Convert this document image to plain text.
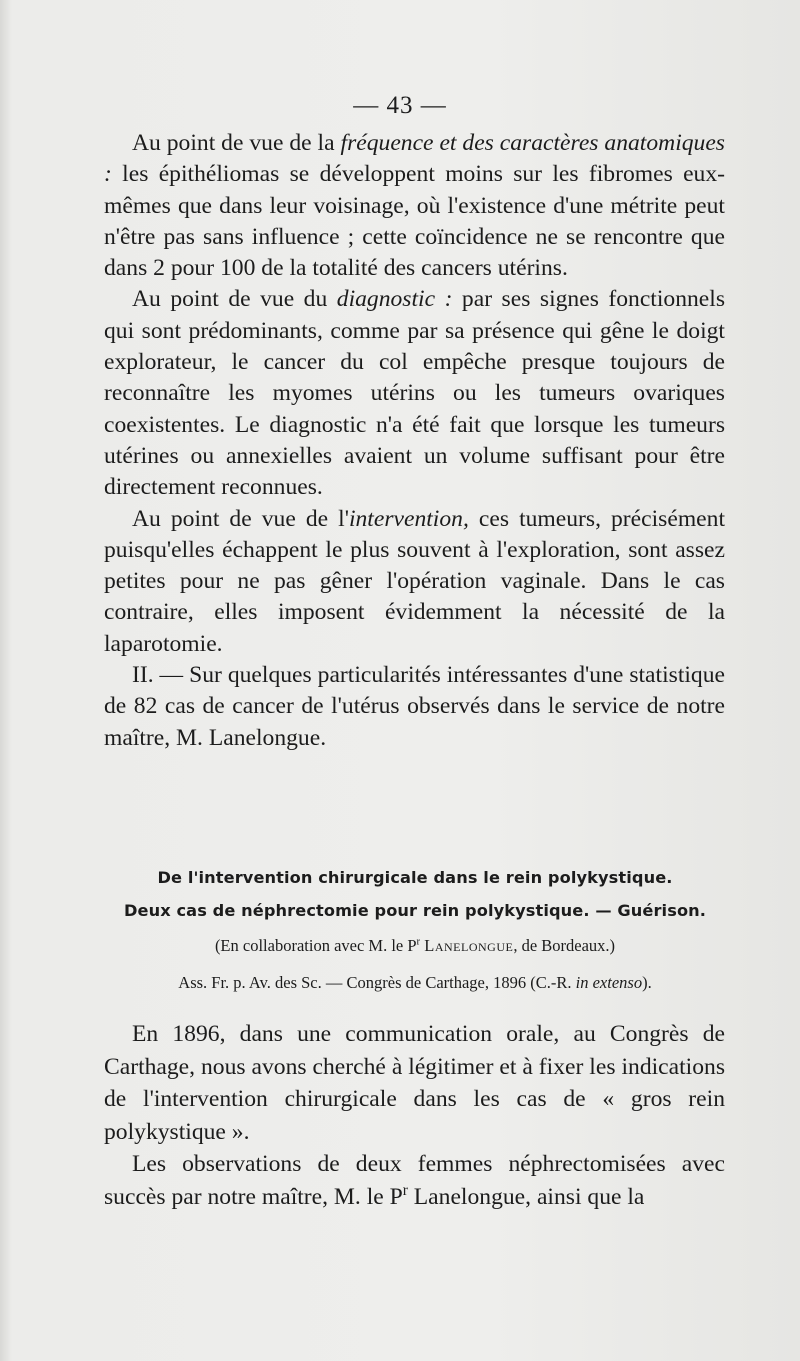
— 43 —

Au point de vue de la fréquence et des caractères anatomiques : les épithéliomas se développent moins sur les fibromes eux-mêmes que dans leur voisinage, où l'existence d'une métrite peut n'être pas sans influence ; cette coïncidence ne se rencontre que dans 2 pour 100 de la totalité des cancers utérins.

Au point de vue du diagnostic : par ses signes fonctionnels qui sont prédominants, comme par sa présence qui gêne le doigt explorateur, le cancer du col empêche presque toujours de reconnaître les myomes utérins ou les tumeurs ovariques coexistentes. Le diagnostic n'a été fait que lorsque les tumeurs utérines ou annexielles avaient un volume suffisant pour être directement reconnues.

Au point de vue de l'intervention, ces tumeurs, précisément puisqu'elles échappent le plus souvent à l'exploration, sont assez petites pour ne pas gêner l'opération vaginale. Dans le cas contraire, elles imposent évidemment la nécessité de la laparotomie.

II. — Sur quelques particularités intéressantes d'une statistique de 82 cas de cancer de l'utérus observés dans le service de notre maître, M. Lanelongue.

De l'intervention chirurgicale dans le rein polykystique.
Deux cas de néphrectomie pour rein polykystique. — Guérison.
(En collaboration avec M. le $P^r$ Lanelongue, de Bordeaux.)
Ass. Fr. p. Av. des Sc. — Congrès de Carthage, 1896 (C.-R. in extenso).

En 1896, dans une communication orale, au Congrès de Carthage, nous avons cherché à légitimer et à fixer les indications de l'intervention chirurgicale dans les cas de « gros rein polykystique ».

Les observations de deux femmes néphrectomisées avec succès par notre maître, M. le $P^r$ Lanelongue, ainsi que la
